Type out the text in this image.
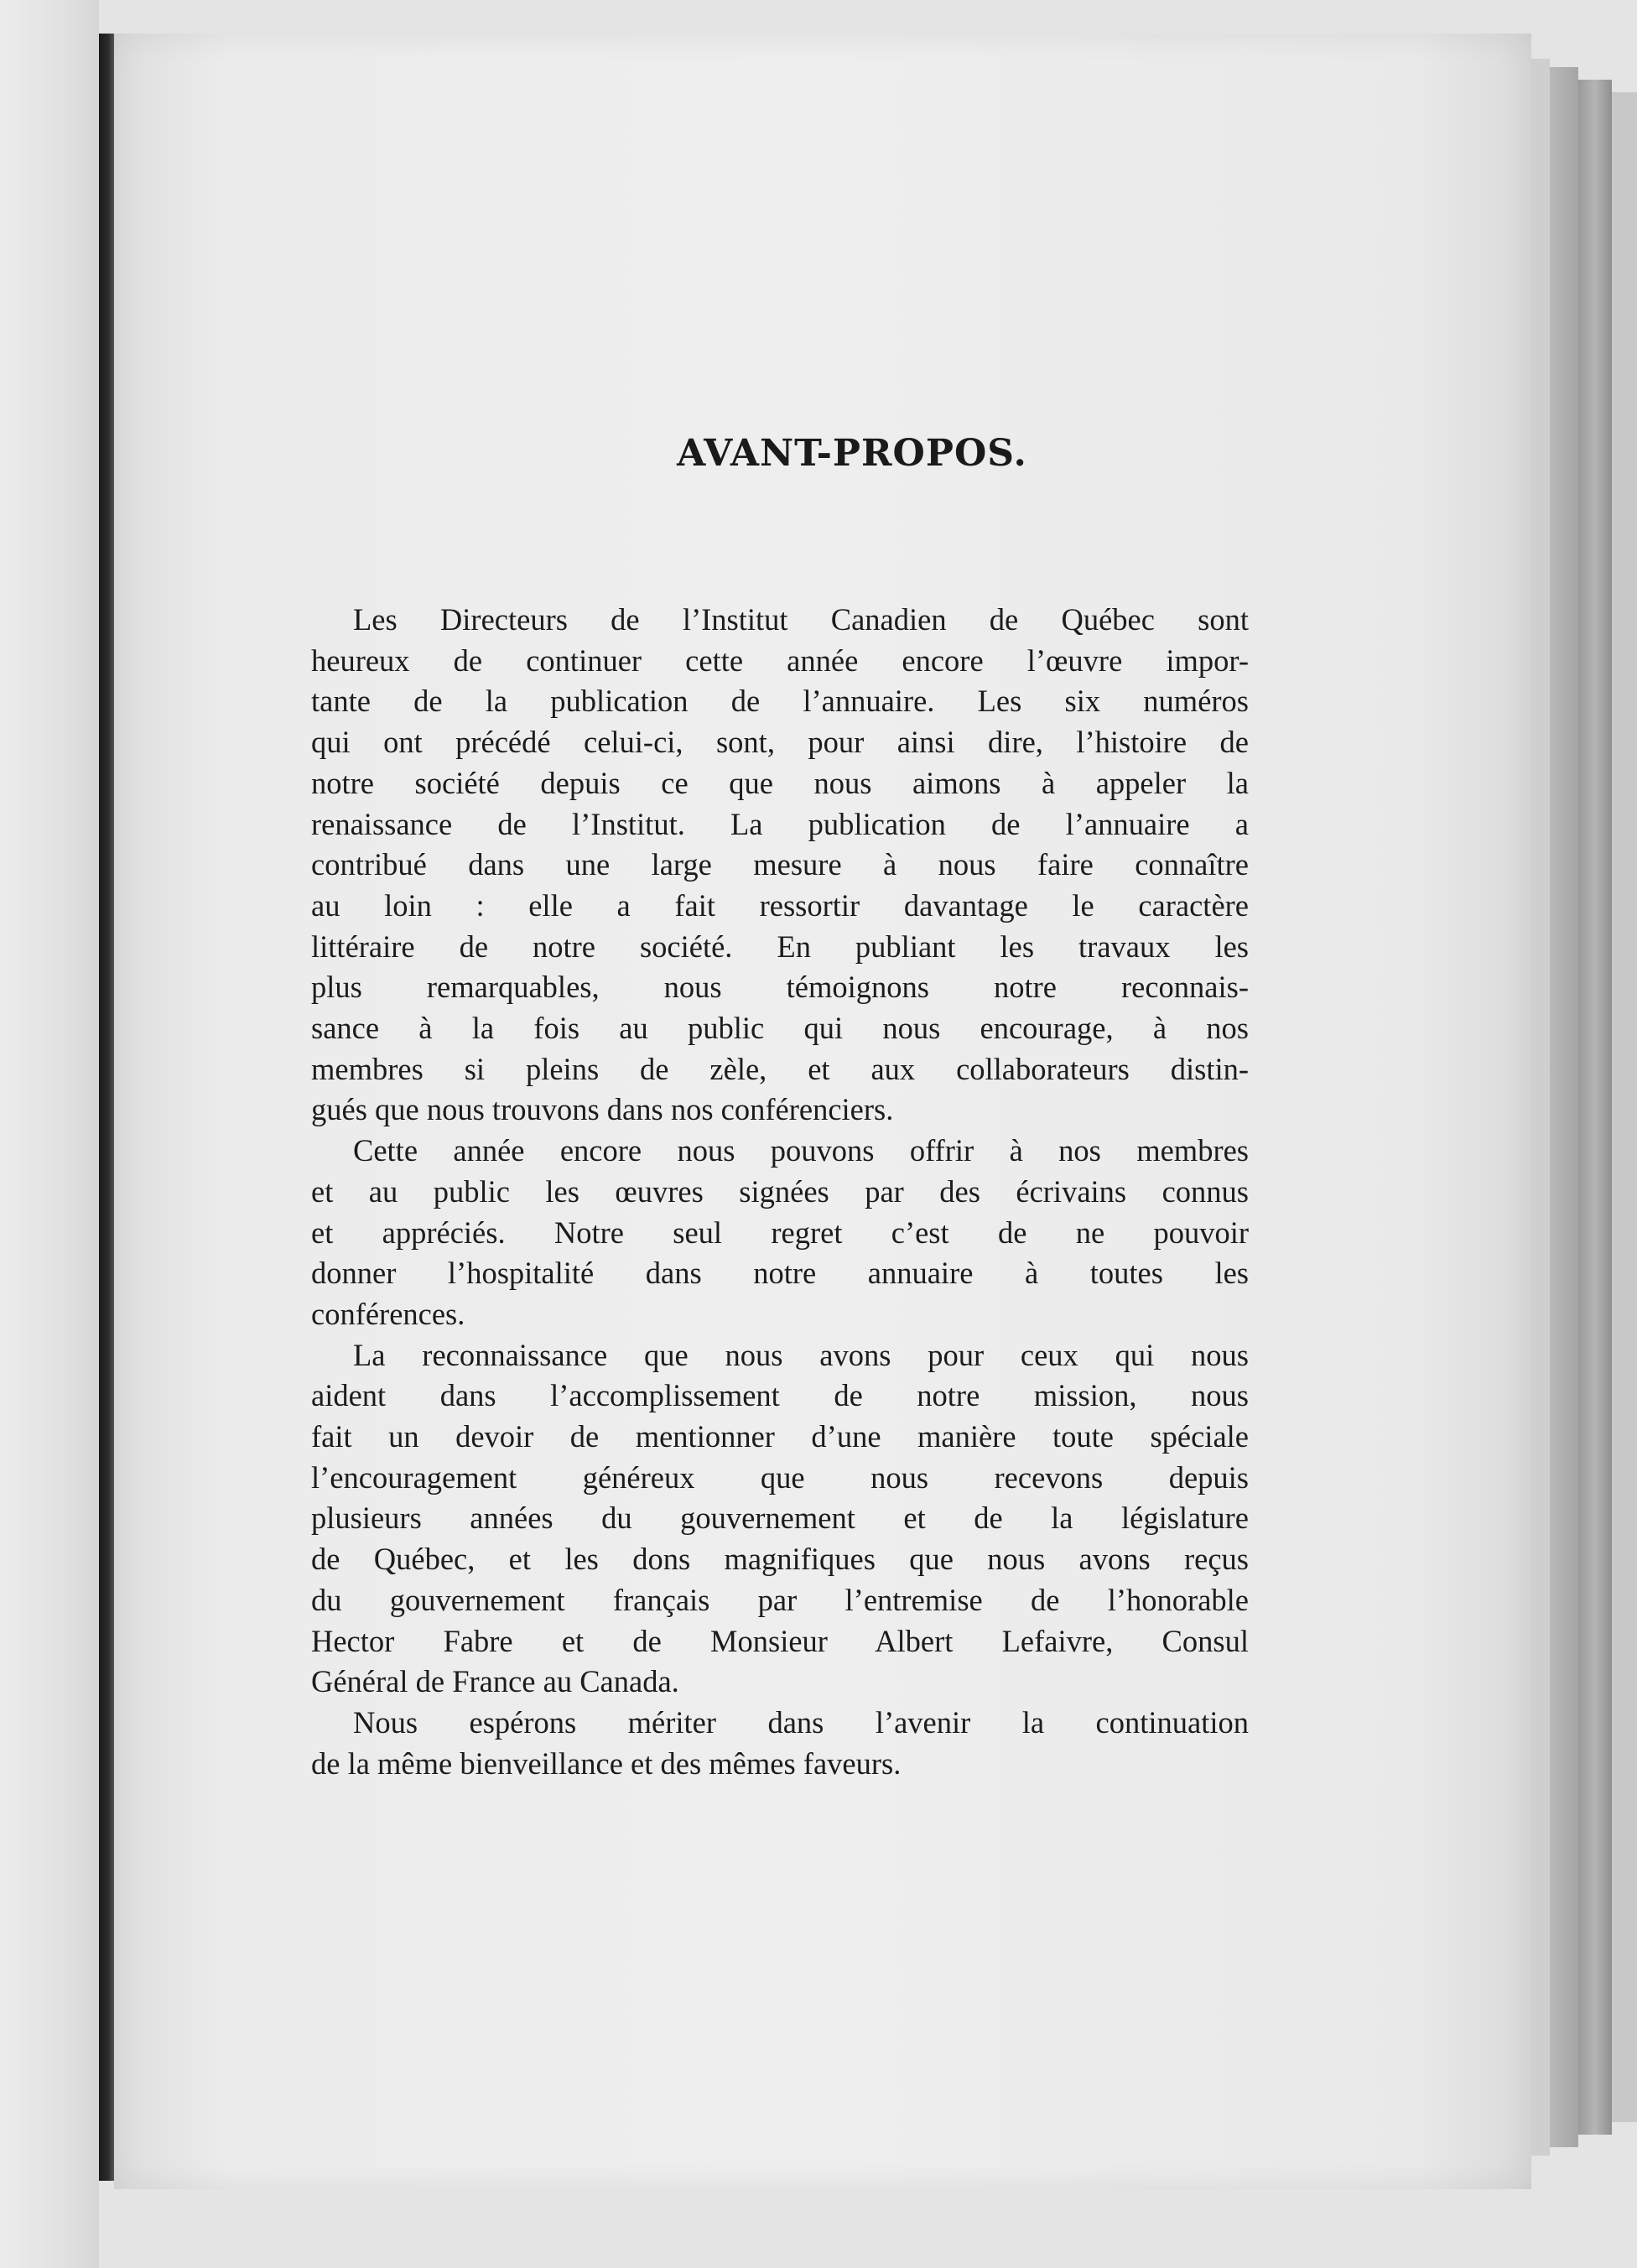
AVANT-PROPOS.
Les Directeurs de l’Institut Canadien de Québec sont
heureux de continuer cette année encore l’œuvre impor-
tante de la publication de l’annuaire. Les six numéros
qui ont précédé celui-ci, sont, pour ainsi dire, l’histoire de
notre société depuis ce que nous aimons à appeler la
renaissance de l’Institut. La publication de l’annuaire a
contribué dans une large mesure à nous faire connaître
au loin : elle a fait ressortir davantage le caractère
littéraire de notre société. En publiant les travaux les
plus remarquables, nous témoignons notre reconnais-
sance à la fois au public qui nous encourage, à nos
membres si pleins de zèle, et aux collaborateurs distin-
gués que nous trouvons dans nos conférenciers.
Cette année encore nous pouvons offrir à nos membres
et au public les œuvres signées par des écrivains connus
et appréciés. Notre seul regret c’est de ne pouvoir
donner l’hospitalité dans notre annuaire à toutes les
conférences.
La reconnaissance que nous avons pour ceux qui nous
aident dans l’accomplissement de notre mission, nous
fait un devoir de mentionner d’une manière toute spéciale
l’encouragement généreux que nous recevons depuis
plusieurs années du gouvernement et de la législature
de Québec, et les dons magnifiques que nous avons reçus
du gouvernement français par l’entremise de l’honorable
Hector Fabre et de Monsieur Albert Lefaivre, Consul
Général de France au Canada.
Nous espérons mériter dans l’avenir la continuation
de la même bienveillance et des mêmes faveurs.
